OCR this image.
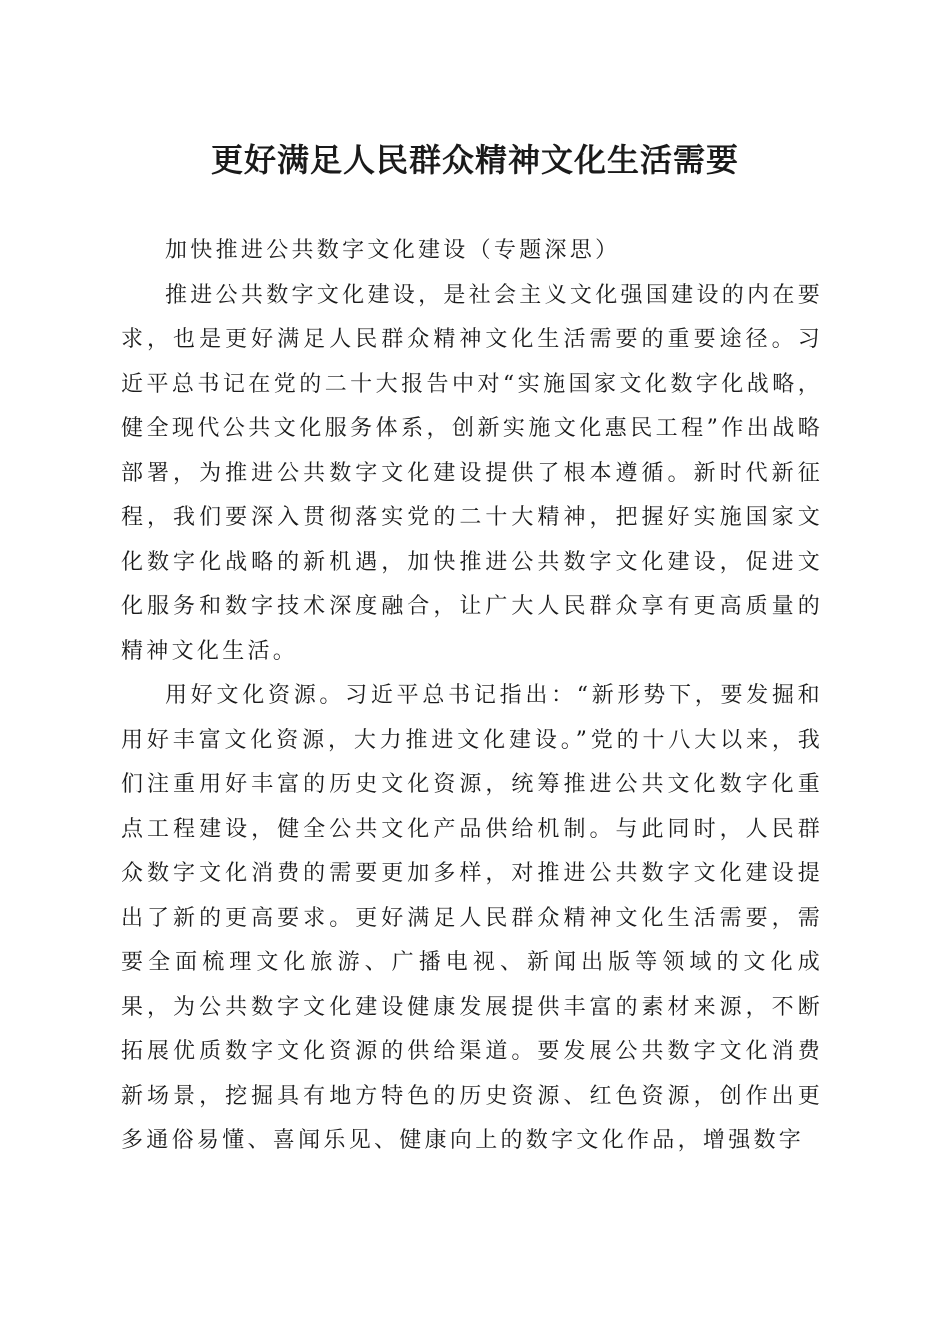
更好满足人民群众精神文化生活需要

加快推进公共数字文化建设（专题深思）

推进公共数字文化建设，是社会主义文化强国建设的内在要求，也是更好满足人民群众精神文化生活需要的重要途径。习近平总书记在党的二十大报告中对“实施国家文化数字化战略，健全现代公共文化服务体系，创新实施文化惠民工程”作出战略部署，为推进公共数字文化建设提供了根本遵循。新时代新征程，我们要深入贯彻落实党的二十大精神，把握好实施国家文化数字化战略的新机遇，加快推进公共数字文化建设，促进文化服务和数字技术深度融合，让广大人民群众享有更高质量的精神文化生活。

用好文化资源。习近平总书记指出：“新形势下，要发掘和用好丰富文化资源，大力推进文化建设。”党的十八大以来，我们注重用好丰富的历史文化资源，统筹推进公共文化数字化重点工程建设，健全公共文化产品供给机制。与此同时，人民群众数字文化消费的需要更加多样，对推进公共数字文化建设提出了新的更高要求。更好满足人民群众精神文化生活需要，需要全面梳理文化旅游、广播电视、新闻出版等领域的文化成果，为公共数字文化建设健康发展提供丰富的素材来源，不断拓展优质数字文化资源的供给渠道。要发展公共数字文化消费新场景，挖掘具有地方特色的历史资源、红色资源，创作出更多通俗易懂、喜闻乐见、健康向上的数字文化作品，增强数字
